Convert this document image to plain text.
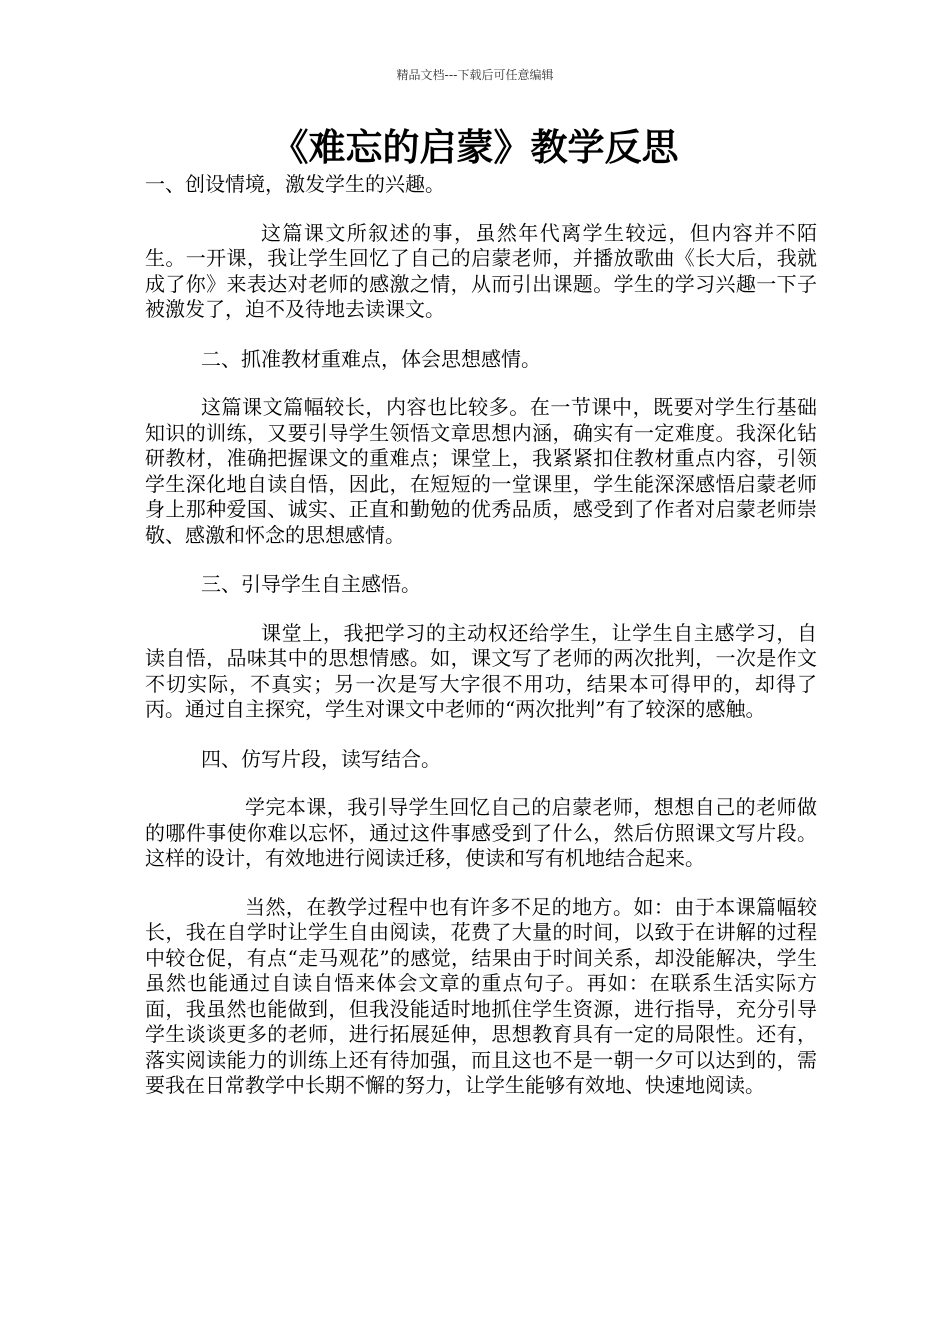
精品文档---下载后可任意编辑
《难忘的启蒙》教学反思

一、创设情境，激发学生的兴趣。

这篇课文所叙述的事，虽然年代离学生较远，但内容并不陌生。一开课，我让学生回忆了自己的启蒙老师，并播放歌曲《长大后，我就成了你》来表达对老师的感激之情，从而引出课题。学生的学习兴趣一下子被激发了，迫不及待地去读课文。

二、抓准教材重难点，体会思想感情。

这篇课文篇幅较长，内容也比较多。在一节课中，既要对学生行基础知识的训练，又要引导学生领悟文章思想内涵，确实有一定难度。我深化钻研教材，准确把握课文的重难点；课堂上，我紧紧扣住教材重点内容，引领学生深化地自读自悟，因此，在短短的一堂课里，学生能深深感悟启蒙老师身上那种爱国、诚实、正直和勤勉的优秀品质，感受到了作者对启蒙老师崇敬、感激和怀念的思想感情。

三、引导学生自主感悟。

课堂上，我把学习的主动权还给学生，让学生自主感学习，自读自悟，品味其中的思想情感。如，课文写了老师的两次批判，一次是作文不切实际，不真实；另一次是写大字很不用功，结果本可得甲的，却得了丙。通过自主探究，学生对课文中老师的“两次批判”有了较深的感触。

四、仿写片段，读写结合。

学完本课，我引导学生回忆自己的启蒙老师，想想自己的老师做的哪件事使你难以忘怀，通过这件事感受到了什么，然后仿照课文写片段。这样的设计，有效地进行阅读迁移，使读和写有机地结合起来。

当然，在教学过程中也有许多不足的地方。如：由于本课篇幅较长，我在自学时让学生自由阅读，花费了大量的时间，以致于在讲解的过程中较仓促，有点“走马观花”的感觉，结果由于时间关系，却没能解决，学生虽然也能通过自读自悟来体会文章的重点句子。再如：在联系生活实际方面，我虽然也能做到，但我没能适时地抓住学生资源，进行指导，充分引导学生谈谈更多的老师，进行拓展延伸，思想教育具有一定的局限性。还有，落实阅读能力的训练上还有待加强，而且这也不是一朝一夕可以达到的，需要我在日常教学中长期不懈的努力，让学生能够有效地、快速地阅读。
